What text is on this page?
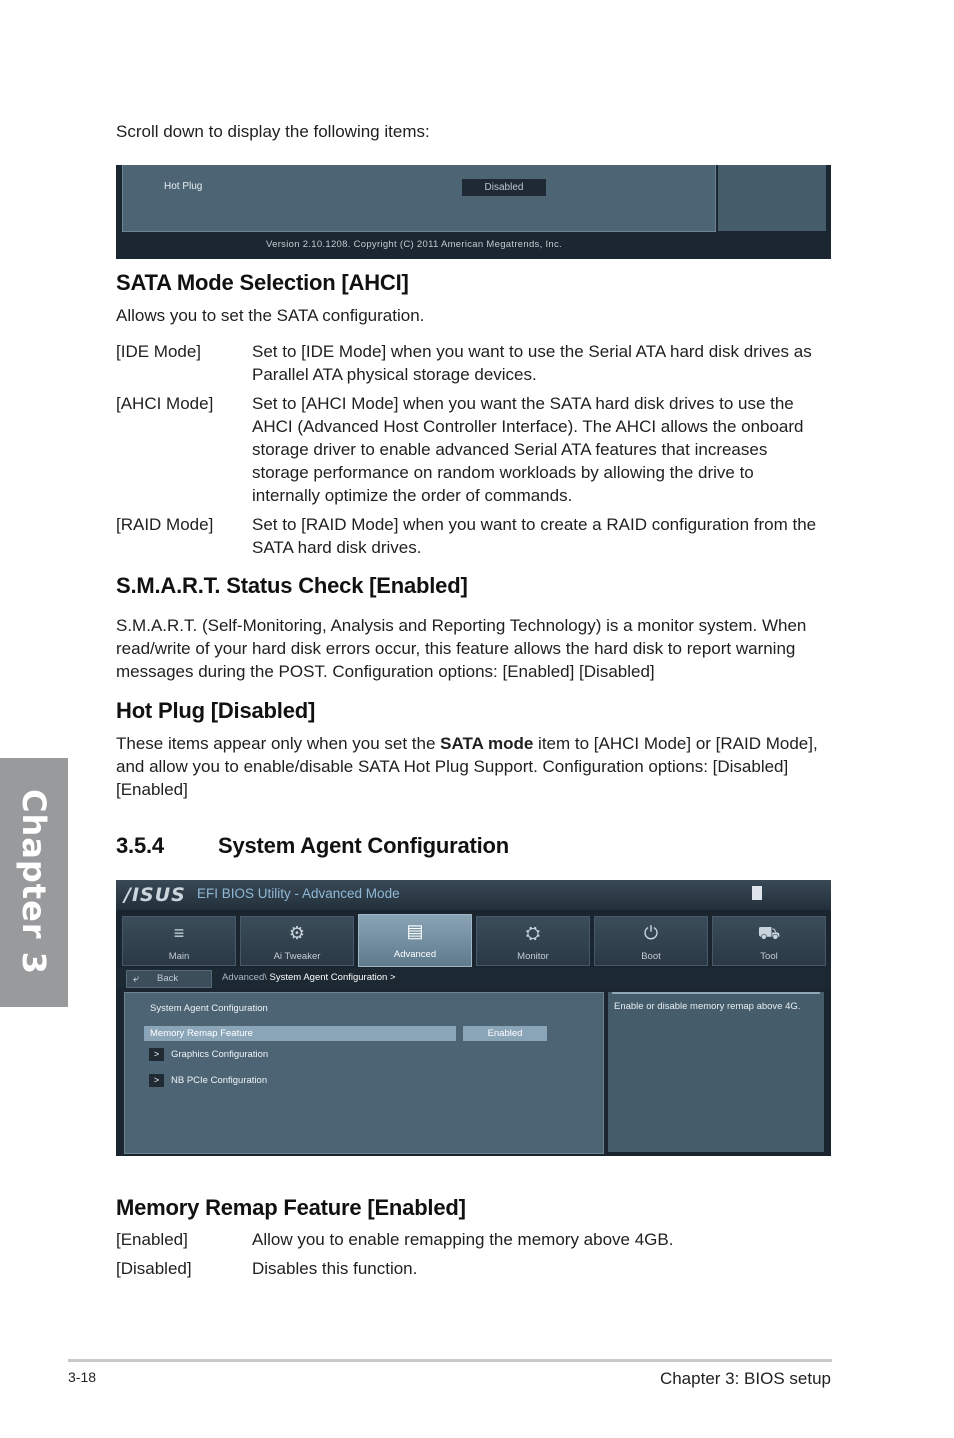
Chapter 3
Scroll down to display the following items:
Hot Plug	Disabled
Version 2.10.1208. Copyright (C) 2011 American Megatrends, Inc.
SATA Mode Selection [AHCI]
Allows you to set the SATA configuration.
[IDE Mode]	Set to [IDE Mode] when you want to use the Serial ATA hard disk drives as
Parallel ATA physical storage devices.
[AHCI Mode] Set to [AHCI Mode] when you want the SATA hard disk drives to use the
AHCI (Advanced Host Controller Interface). The AHCI allows the onboard
storage driver to enable advanced Serial ATA features that increases
storage performance on random workloads by allowing the drive to
internally optimize the order of commands.
[RAID Mode] Set to [RAID Mode] when you want to create a RAID configuration from the
SATA hard disk drives.
S.M.A.R.T. Status Check [Enabled]
S.M.A.R.T. (Self-Monitoring, Analysis and Reporting Technology) is a monitor system. When
read/write of your hard disk errors occur, this feature allows the hard disk to report warning
messages during the POST. Configuration options: [Enabled] [Disabled]
Hot Plug [Disabled]
These items appear only when you set the SATA mode item to [AHCI Mode] or [RAID Mode],
and allow you to enable/disable SATA Hot Plug Support. Configuration options: [Disabled]
[Enabled]
3.5.4 System Agent Configuration
/ISUS EFI BIOS Utility - Advanced Mode
≡
Main
⚙
Ai Tweaker
▤
Advanced
⛭
Monitor
⏻
Boot
⛟
Tool
⤶ Back	Advanced\ System Agent Configuration >
System Agent Configuration
Memory Remap Feature	Enabled
>	Graphics Configuration
>	NB PCIe Configuration
Enable or disable memory remap above 4G.
Memory Remap Feature [Enabled]
[Enabled]	Allow you to enable remapping the memory above 4GB.
[Disabled]	Disables this function.
3-18	Chapter 3: BIOS setup
